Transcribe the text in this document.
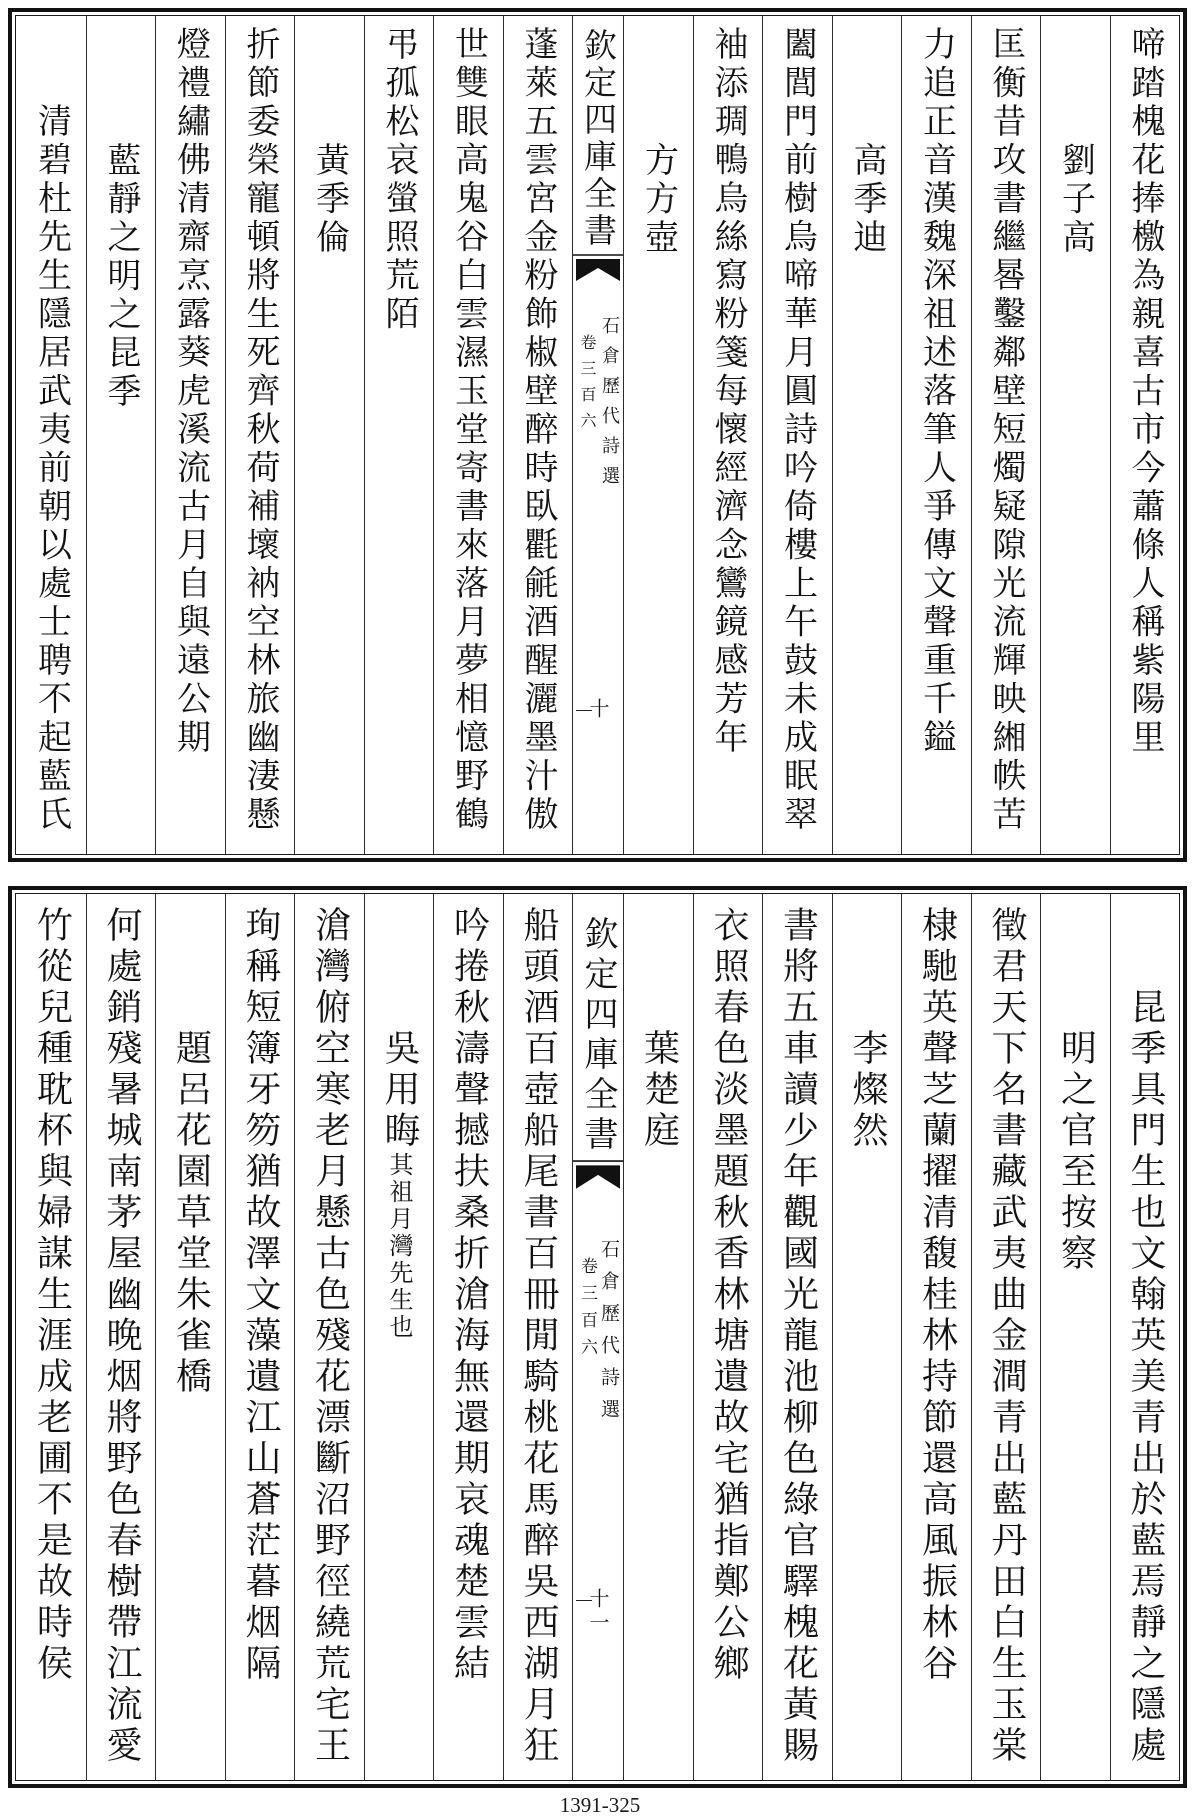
啼踏槐花捧檄為親喜古市今蕭條人稱紫陽里
劉子高
匡衡昔攻書繼晷鑿鄰壁短燭疑隙光流輝映緗帙苦
力追正音漢魏深祖述落筆人爭傳文聲重千鎰
高季迪
闔閭門前樹烏啼華月圓詩吟倚樓上午鼓未成眠翠
袖添琱鴨烏絲寫粉箋每懷經濟念鸞鏡感芳年
方方壺
欽定四庫全書
石倉歷代詩選
卷三百六
十
蓬萊五雲宮金粉飾椒壁醉時臥氍毹酒醒灑墨汁傲
世雙眼高鬼谷白雲濕玉堂寄書來落月夢相憶野鶴
弔孤松哀螢照荒陌
黃季倫
折節委榮寵頓將生死齊秋荷補壞衲空林旅幽淒懸
燈禮繡佛清齋烹露葵虎溪流古月自與遠公期
藍靜之明之昆季
清碧杜先生隱居武夷前朝以處士聘不起藍氏
昆季具門生也文翰英美青出於藍焉靜之隱處
明之官至按察
徵君天下名書藏武夷曲金澗青出藍丹田白生玉棠
棣馳英聲芝蘭擢清馥桂林持節還高風振林谷
李燦然
書將五車讀少年觀國光龍池柳色綠官驛槐花黃賜
衣照春色淡墨題秋香林塘遺故宅猶指鄭公鄉
葉楚庭
欽定四庫全書
石倉歷代詩選
卷三百六
十一
船頭酒百壺船尾書百冊閒騎桃花馬醉吳西湖月狂
吟捲秋濤聲撼扶桑折滄海無還期哀魂楚雲結
吳用晦其祖月灣先生也
滄灣俯空寒老月懸古色殘花漂斷沼野徑繞荒宅王
珣稱短簿牙笏猶故澤文藻遺江山蒼茫暮烟隔
題呂花園草堂朱雀橋
何處銷殘暑城南茅屋幽晚烟將野色春樹帶江流愛
竹從兒種耽杯與婦謀生涯成老圃不是故時侯
1391-325
